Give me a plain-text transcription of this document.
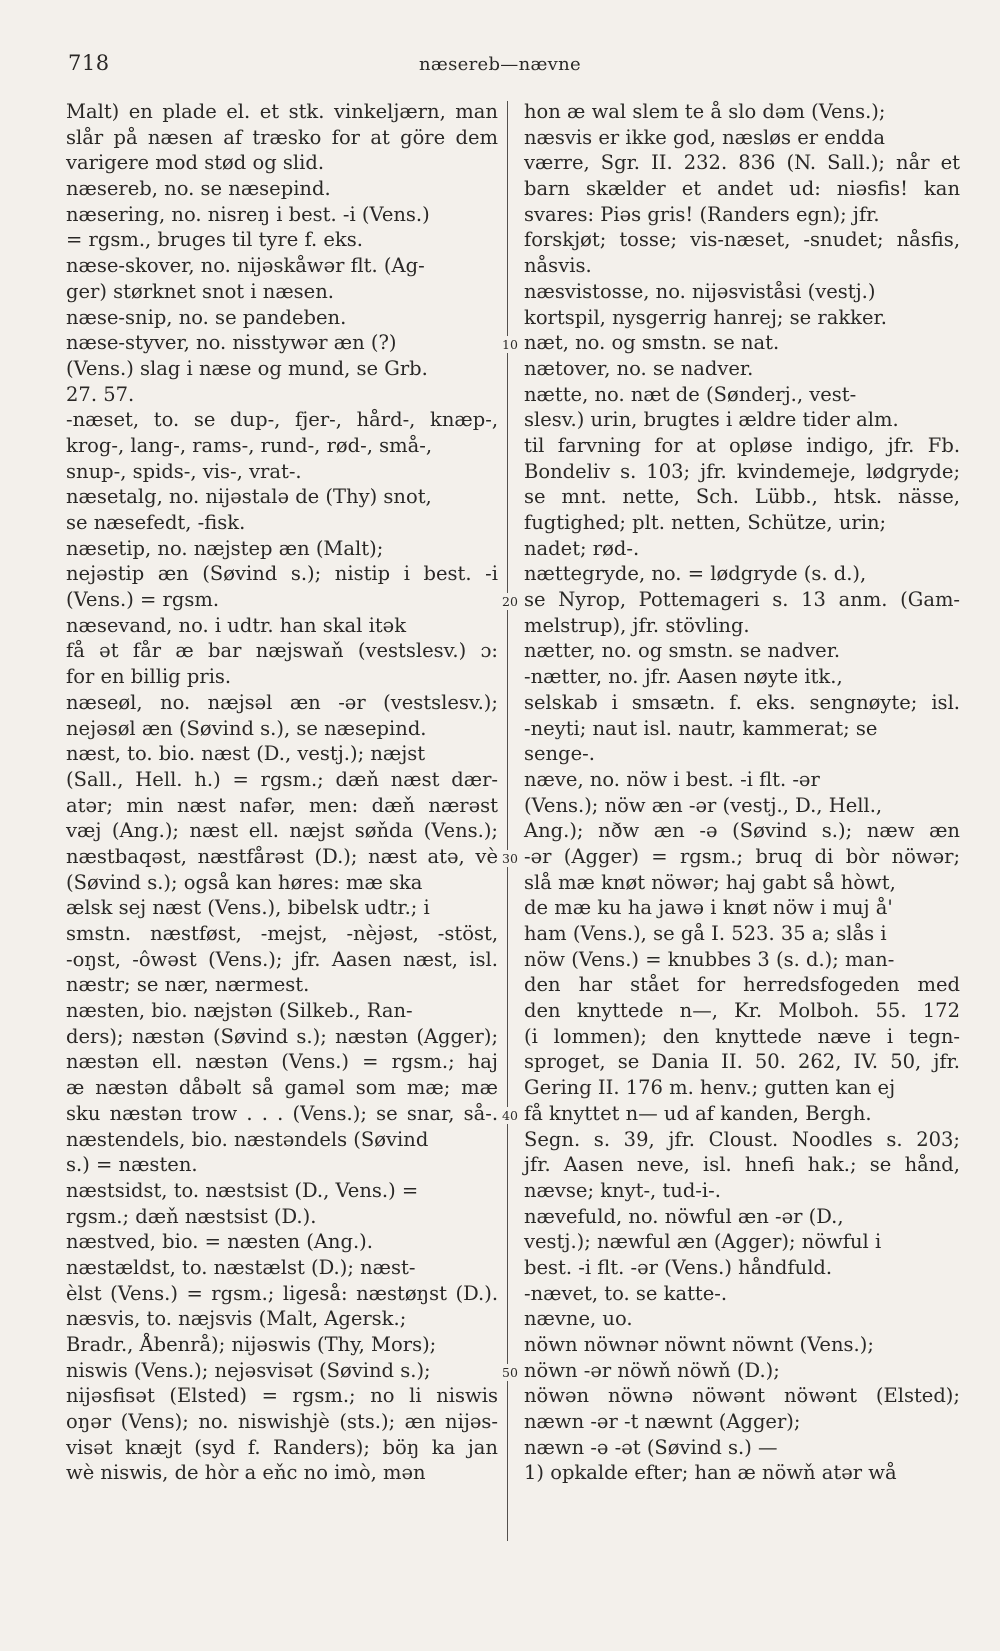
718	næsereb—nævne
10
20
30
40
50
Malt) en plade el. et stk. vinkeljærn, man
slår på næsen af træsko for at göre dem
varigere mod stød og slid.
næsereb, no. se næsepind.
næsering, no. nisreŋ i best. -i (Vens.)
= rgsm., bruges til tyre f. eks.
næse-skover, no. nijəskåwər flt. (Ag-
ger) størknet snot i næsen.
næse-snip, no. se pandeben.
næse-styver, no. nisstywər æn (?)
(Vens.) slag i næse og mund, se Grb.
27. 57.
-næset, to. se dup-, fjer-, hård-, knæp-,
krog-, lang-, rams-, rund-, rød-, små-,
snup-, spids-, vis-, vrat-.
næsetalg, no. nijəstalə de (Thy) snot,
se næsefedt, -fisk.
næsetip, no. næjstep æn (Malt);
nejəstip æn (Søvind s.); nistip i best. -i
(Vens.) = rgsm.
næsevand, no. i udtr. han skal itək
få ət får æ bar næjswaň (vestslesv.) ɔ:
for en billig pris.
næseøl, no. næjsəl æn -ər (vestslesv.);
nejəsøl æn (Søvind s.), se næsepind.
næst, to. bio. næst (D., vestj.); næjst
(Sall., Hell. h.) = rgsm.; dæň næst dær-
atər; min næst nafər, men: dæň nærəst
væj (Ang.); næst ell. næjst søňda (Vens.);
næstbaqəst, næstfårəst (D.); næst atə, vè
(Søvind s.); også kan høres: mæ ska
ælsk sej næst (Vens.), bibelsk udtr.; i
smstn. næstføst, -mejst, -nèjəst, -stöst,
-oŋst, -ôwəst (Vens.); jfr. Aasen næst, isl.
næstr; se nær, nærmest.
næsten, bio. næjstən (Silkeb., Ran-
ders); næstən (Søvind s.); næstən (Agger);
næstən ell. næstən (Vens.) = rgsm.; haj
æ næstən dåbəlt så gaməl som mæ; mæ
sku næstən trow . . . (Vens.); se snar, så-.
næstendels, bio. næstəndels (Søvind
s.) = næsten.
næstsidst, to. næstsist (D., Vens.) =
rgsm.; dæň næstsist (D.).
næstved, bio. = næsten (Ang.).
næstældst, to. næstælst (D.); næst-
èlst (Vens.) = rgsm.; ligeså: næstøŋst (D.).
næsvis, to. næjsvis (Malt, Agersk.;
Bradr., Åbenrå); nijəswis (Thy, Mors);
niswis (Vens.); nejəsvisət (Søvind s.);
nijəsfisət (Elsted) = rgsm.; no li niswis
oŋər (Vens); no. niswishjè (sts.); æn nijəs-
visət knæjt (syd f. Randers); böŋ ka jan
wè niswis, de hòr a eňc no imò, mən
hon æ wal slem te å slo dəm (Vens.);
næsvis er ikke god, næsløs er endda
værre, Sgr. II. 232. 836 (N. Sall.); når et
barn skælder et andet ud: niəsfis! kan
svares: Piəs gris! (Randers egn); jfr.
forskjøt; tosse; vis-næset, -snudet; nåsfis,
nåsvis.
næsvistosse, no. nijəsviståsi (vestj.)
kortspil, nysgerrig hanrej; se rakker.
næt, no. og smstn. se nat.
nætover, no. se nadver.
nætte, no. næt de (Sønderj., vest-
slesv.) urin, brugtes i ældre tider alm.
til farvning for at opløse indigo, jfr. Fb.
Bondeliv s. 103; jfr. kvindemeje, lødgryde;
se mnt. nette, Sch. Lübb., htsk. nässe,
fugtighed; plt. netten, Schütze, urin;
nadet; rød-.
nættegryde, no. = lødgryde (s. d.),
se Nyrop, Pottemageri s. 13 anm. (Gam-
melstrup), jfr. stövling.
nætter, no. og smstn. se nadver.
-nætter, no. jfr. Aasen nøyte itk.,
selskab i smsætn. f. eks. sengnøyte; isl.
-neyti; naut isl. nautr, kammerat; se
senge-.
næve, no. nöw i best. -i flt. -ər
(Vens.); nöw æn -ər (vestj., D., Hell.,
Ang.); nðw æn -ə (Søvind s.); næw æn
-ər (Agger) = rgsm.; bruq di bòr nöwər;
slå mæ knøt nöwər; haj gabt så hòwt,
de mæ ku ha jawə i knøt nöw i muj å'
ham (Vens.), se gå I. 523. 35 a; slås i
nöw (Vens.) = knubbes 3 (s. d.); man-
den har stået for herredsfogeden med
den knyttede n—, Kr. Molboh. 55. 172
(i lommen); den knyttede næve i tegn-
sproget, se Dania II. 50. 262, IV. 50, jfr.
Gering II. 176 m. henv.; gutten kan ej
få knyttet n— ud af kanden, Bergh.
Segn. s. 39, jfr. Cloust. Noodles s. 203;
jfr. Aasen neve, isl. hnefi hak.; se hånd,
nævse; knyt-, tud-i-.
nævefuld, no. nöwful æn -ər (D.,
vestj.); næwful æn (Agger); nöwful i
best. -i flt. -ər (Vens.) håndfuld.
-nævet, to. se katte-.
nævne, uo.
nöwn nöwnər nöwnt nöwnt (Vens.);
nöwn -ər nöwň nöwň (D.);
nöwən nöwnə nöwənt nöwənt (Elsted);
næwn -ər -t næwnt (Agger);
næwn -ə -ət (Søvind s.) —
1) opkalde efter; han æ nöwň atər wå
